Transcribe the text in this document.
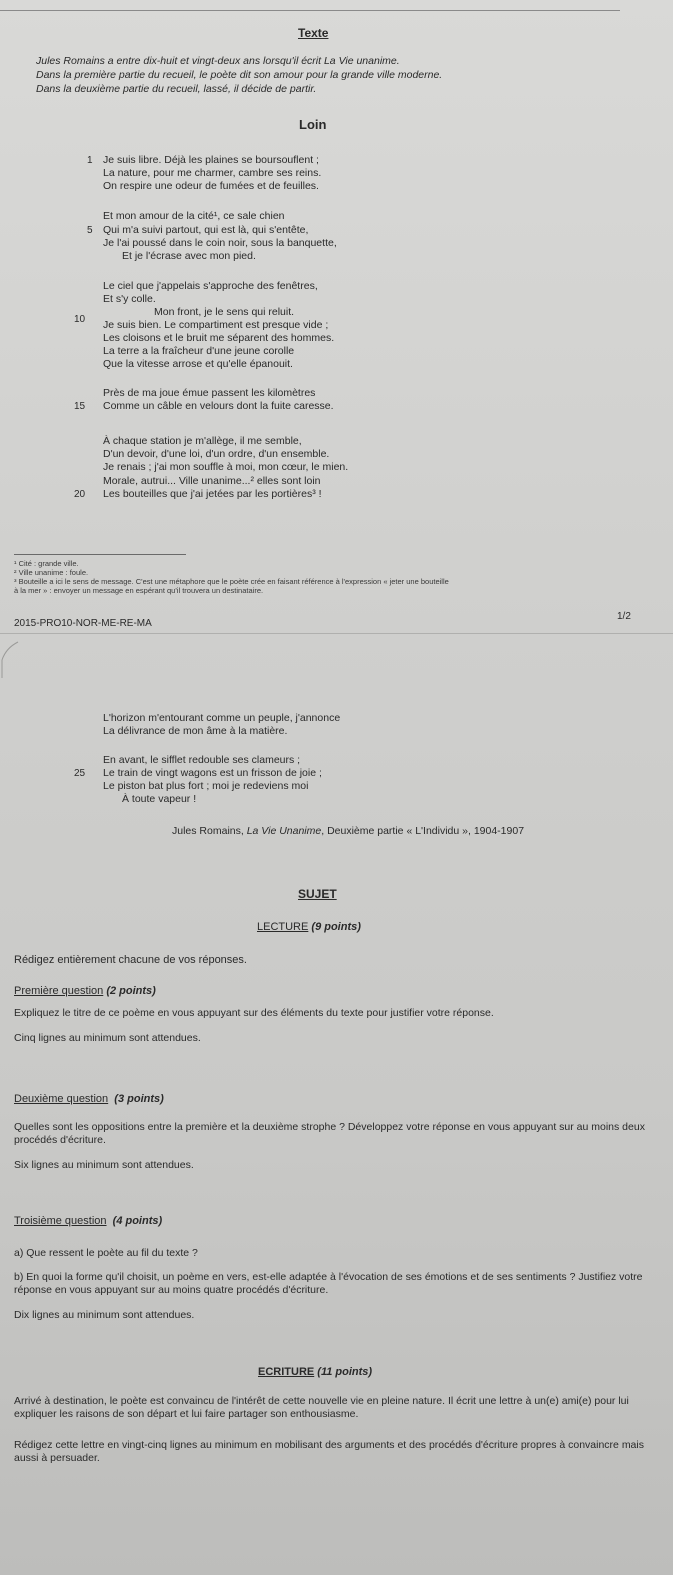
Texte
Jules Romains a entre dix-huit et vingt-deux ans lorsqu'il écrit La Vie unanime.
Dans la première partie du recueil, le poète dit son amour pour la grande ville moderne.
Dans la deuxième partie du recueil, lassé, il décide de partir.
Loin
1
5
10
15
20
Je suis libre. Déjà les plaines se boursouflent ;
La nature, pour me charmer, cambre ses reins.
On respire une odeur de fumées et de feuilles.
Et mon amour de la cité¹, ce sale chien
Qui m'a suivi partout, qui est là, qui s'entête,
Je l'ai poussé dans le coin noir, sous la banquette,
Et je l'écrase avec mon pied.
Le ciel que j'appelais s'approche des fenêtres,
Et s'y colle.
Mon front, je le sens qui reluit.
Je suis bien. Le compartiment est presque vide ;
Les cloisons et le bruit me séparent des hommes.
La terre a la fraîcheur d'une jeune corolle
Que la vitesse arrose et qu'elle épanouit.
Près de ma joue émue passent les kilomètres
Comme un câble en velours dont la fuite caresse.
À chaque station je m'allège, il me semble,
D'un devoir, d'une loi, d'un ordre, d'un ensemble.
Je renais ; j'ai mon souffle à moi, mon cœur, le mien.
Morale, autrui... Ville unanime...² elles sont loin
Les bouteilles que j'ai jetées par les portières³ !
¹ Cité : grande ville.
² Ville unanime : foule.
³ Bouteille a ici le sens de message. C'est une métaphore que le poète crée en faisant référence à l'expression « jeter une bouteille
à la mer » : envoyer un message en espérant qu'il trouvera un destinataire.
2015-PRO10-NOR-ME-RE-MA
1/2
L'horizon m'entourant comme un peuple, j'annonce
La délivrance de mon âme à la matière.
En avant, le sifflet redouble ses clameurs ;
25 Le train de vingt wagons est un frisson de joie ;
Le piston bat plus fort ; moi je redeviens moi
À toute vapeur !
Jules Romains, La Vie Unanime, Deuxième partie « L'Individu », 1904-1907
SUJET
LECTURE (9 points)
Rédigez entièrement chacune de vos réponses.
Première question (2 points)
Expliquez le titre de ce poème en vous appuyant sur des éléments du texte pour justifier votre réponse.
Cinq lignes au minimum sont attendues.
Deuxième question (3 points)
Quelles sont les oppositions entre la première et la deuxième strophe ? Développez votre réponse en vous appuyant sur au moins deux procédés d'écriture.
Six lignes au minimum sont attendues.
Troisième question (4 points)
a) Que ressent le poète au fil du texte ?
b) En quoi la forme qu'il choisit, un poème en vers, est-elle adaptée à l'évocation de ses émotions et de ses sentiments ? Justifiez votre réponse en vous appuyant sur au moins quatre procédés d'écriture.
Dix lignes au minimum sont attendues.
ECRITURE (11 points)
Arrivé à destination, le poète est convaincu de l'intérêt de cette nouvelle vie en pleine nature. Il écrit une lettre à un(e) ami(e) pour lui expliquer les raisons de son départ et lui faire partager son enthousiasme.
Rédigez cette lettre en vingt-cinq lignes au minimum en mobilisant des arguments et des procédés d'écriture propres à convaincre mais aussi à persuader.
